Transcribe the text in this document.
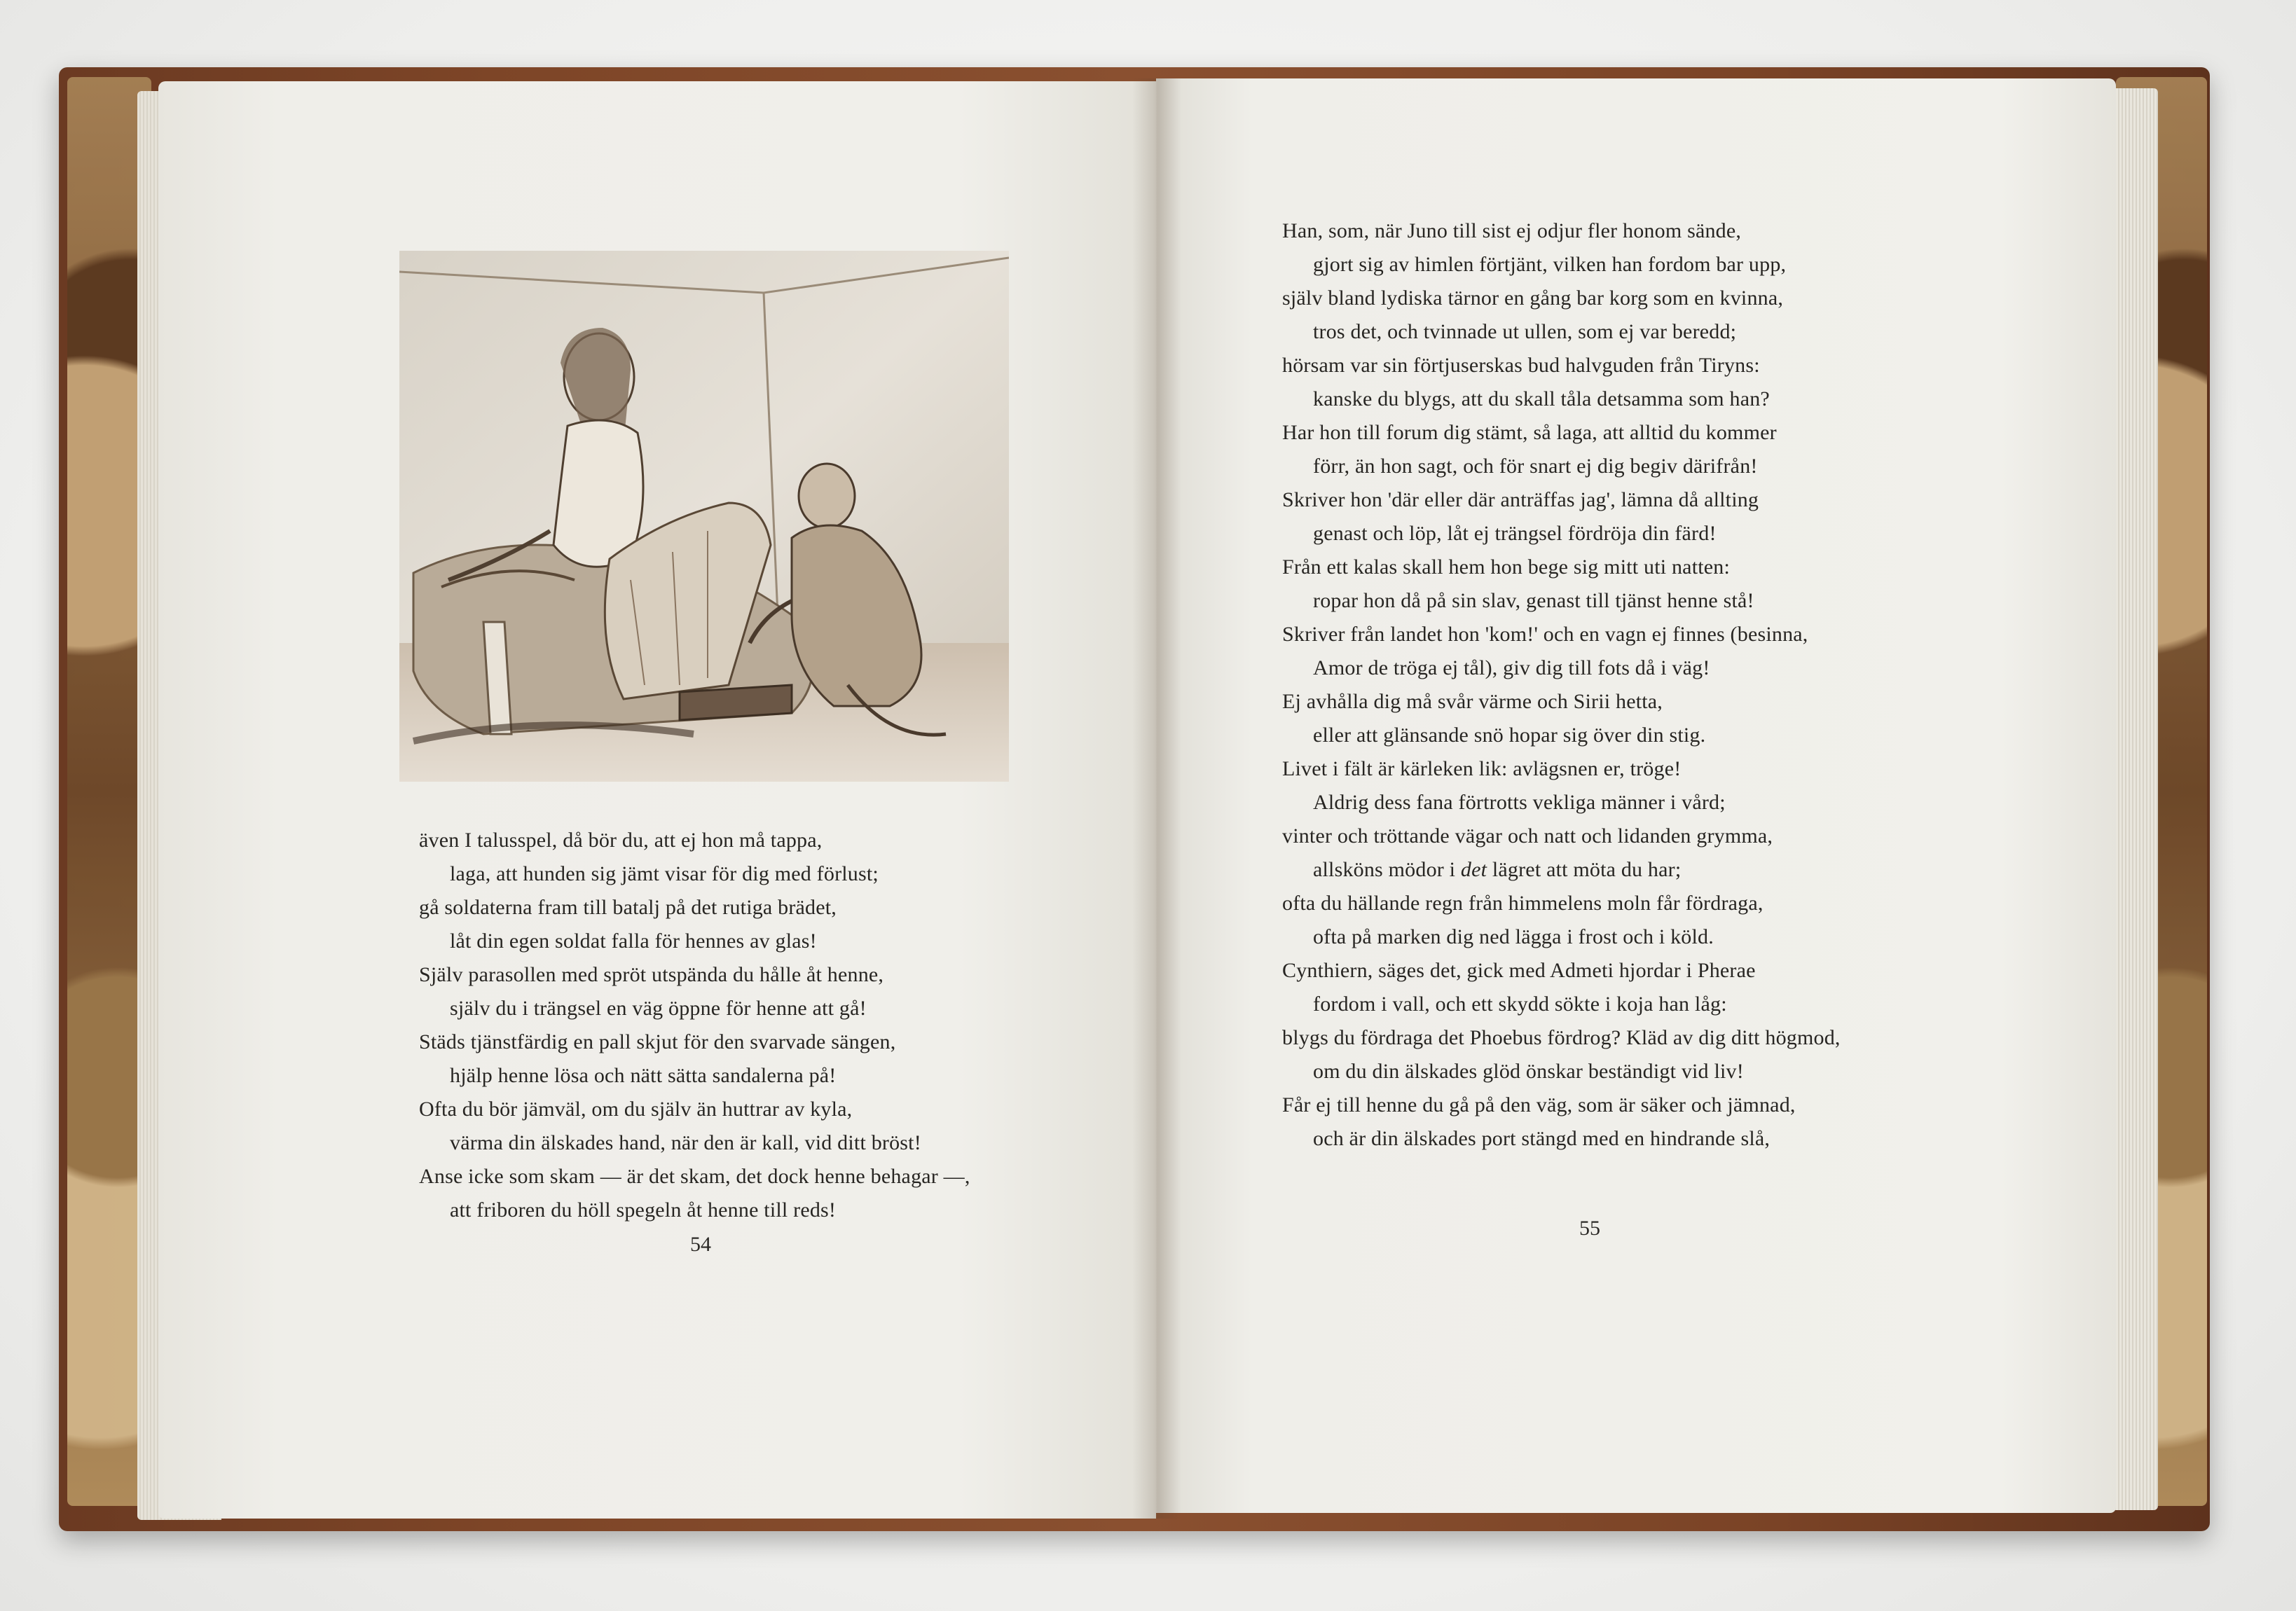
även I talusspel, då bör du, att ej hon må tappa,
laga, att hunden sig jämt visar för dig med förlust;
gå soldaterna fram till batalj på det rutiga brädet,
låt din egen soldat falla för hennes av glas!
Själv parasollen med spröt utspända du hålle åt henne,
själv du i trängsel en väg öppne för henne att gå!
Städs tjänstfärdig en pall skjut för den svarvade sängen,
hjälp henne lösa och nätt sätta sandalerna på!
Ofta du bör jämväl, om du själv än huttrar av kyla,
värma din älskades hand, när den är kall, vid ditt bröst!
Anse icke som skam — är det skam, det dock henne behagar —,
att friboren du höll spegeln åt henne till reds!
54
Han, som, när Juno till sist ej odjur fler honom sände,
gjort sig av himlen förtjänt, vilken han fordom bar upp,
själv bland lydiska tärnor en gång bar korg som en kvinna,
tros det, och tvinnade ut ullen, som ej var beredd;
hörsam var sin förtjuserskas bud halvguden från Tiryns:
kanske du blygs, att du skall tåla detsamma som han?
Har hon till forum dig stämt, så laga, att alltid du kommer
förr, än hon sagt, och för snart ej dig begiv därifrån!
Skriver hon 'där eller där anträffas jag', lämna då allting
genast och löp, låt ej trängsel fördröja din färd!
Från ett kalas skall hem hon bege sig mitt uti natten:
ropar hon då på sin slav, genast till tjänst henne stå!
Skriver från landet hon 'kom!' och en vagn ej finnes (besinna,
Amor de tröga ej tål), giv dig till fots då i väg!
Ej avhålla dig må svår värme och Sirii hetta,
eller att glänsande snö hopar sig över din stig.
Livet i fält är kärleken lik: avlägsnen er, tröge!
Aldrig dess fana förtrotts vekliga männer i vård;
vinter och tröttande vägar och natt och lidanden grymma,
allsköns mödor i det lägret att möta du har;
ofta du hällande regn från himmelens moln får fördraga,
ofta på marken dig ned lägga i frost och i köld.
Cynthiern, säges det, gick med Admeti hjordar i Pherae
fordom i vall, och ett skydd sökte i koja han låg:
blygs du fördraga det Phoebus fördrog? Kläd av dig ditt högmod,
om du din älskades glöd önskar beständigt vid liv!
Får ej till henne du gå på den väg, som är säker och jämnad,
och är din älskades port stängd med en hindrande slå,
55
